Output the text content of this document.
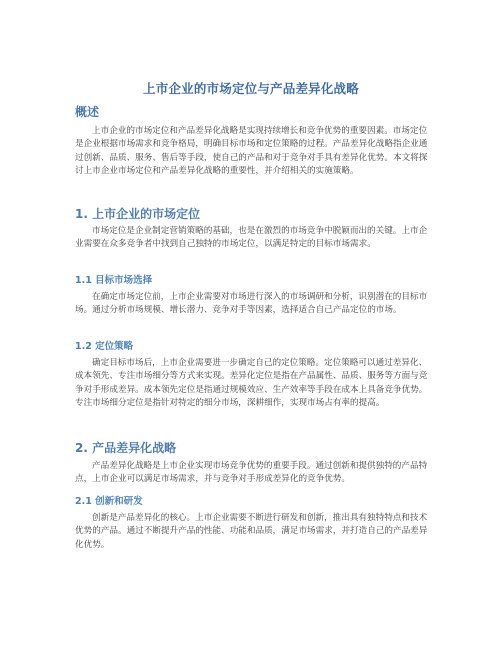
上市企业的市场定位与产品差异化战略
概述

上市企业的市场定位和产品差异化战略是实现持续增长和竞争优势的重要因素。市场定位是企业根据市场需求和竞争格局，明确目标市场和定位策略的过程。产品差异化战略指企业通过创新、品质、服务、售后等手段，使自己的产品和对于竞争对手具有差异化优势。本文将探讨上市企业市场定位和产品差异化战略的重要性，并介绍相关的实施策略。

1. 上市企业的市场定位

市场定位是企业制定营销策略的基础，也是在激烈的市场竞争中脱颖而出的关键。上市企业需要在众多竞争者中找到自己独特的市场定位，以满足特定的目标市场需求。

1.1 目标市场选择

在确定市场定位前，上市企业需要对市场进行深入的市场调研和分析，识别潜在的目标市场。通过分析市场规模、增长潜力、竞争对手等因素，选择适合自己产品定位的市场。

1.2 定位策略

确定目标市场后，上市企业需要进一步确定自己的定位策略。定位策略可以通过差异化、成本领先、专注市场细分等方式来实现。差异化定位是指在产品属性、品质、服务等方面与竞争对手形成差异。成本领先定位是指通过规模效应、生产效率等手段在成本上具备竞争优势。专注市场细分定位是指针对特定的细分市场，深耕细作，实现市场占有率的提高。

2. 产品差异化战略

产品差异化战略是上市企业实现市场竞争优势的重要手段。通过创新和提供独特的产品特点，上市企业可以满足市场需求，并与竞争对手形成差异化的竞争优势。

2.1 创新和研发

创新是产品差异化的核心。上市企业需要不断进行研发和创新，推出具有独特特点和技术优势的产品。通过不断提升产品的性能、功能和品质，满足市场需求，并打造自己的产品差异化优势。
